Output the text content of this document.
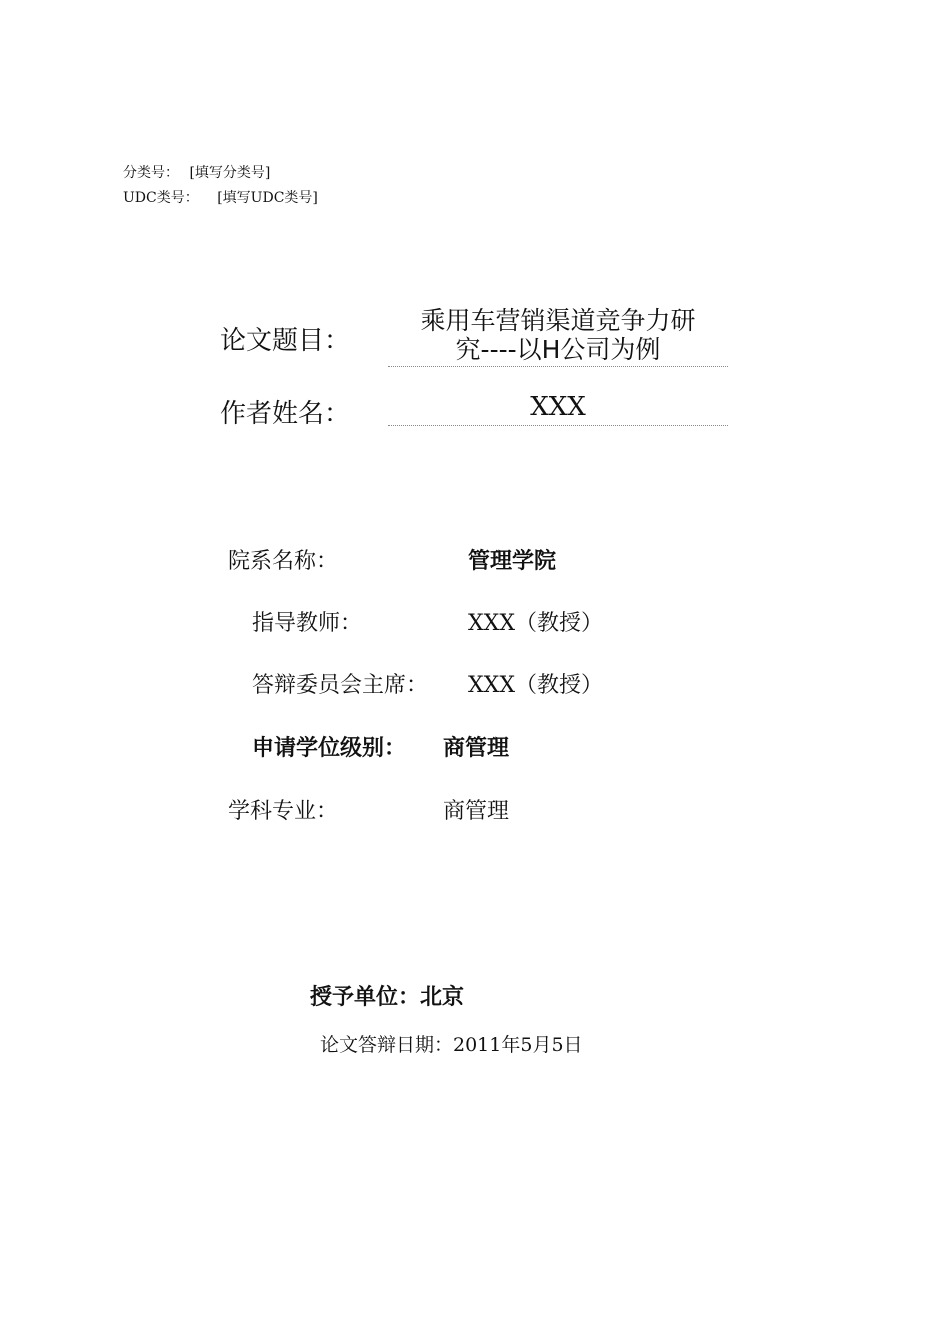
分类号： [填写分类号]
UDC类号： [填写UDC类号]
论文题目：
乘用车营销渠道竞争力研
究----以H公司为例
作者姓名：	XXX
院系名称：	管理学院
指导教师：	XXX（教授）
答辩委员会主席： XXX（教授）
申请学位级别： 商管理
学科专业：	商管理
授予单位：北京
论文答辩日期：2011年5月5日
